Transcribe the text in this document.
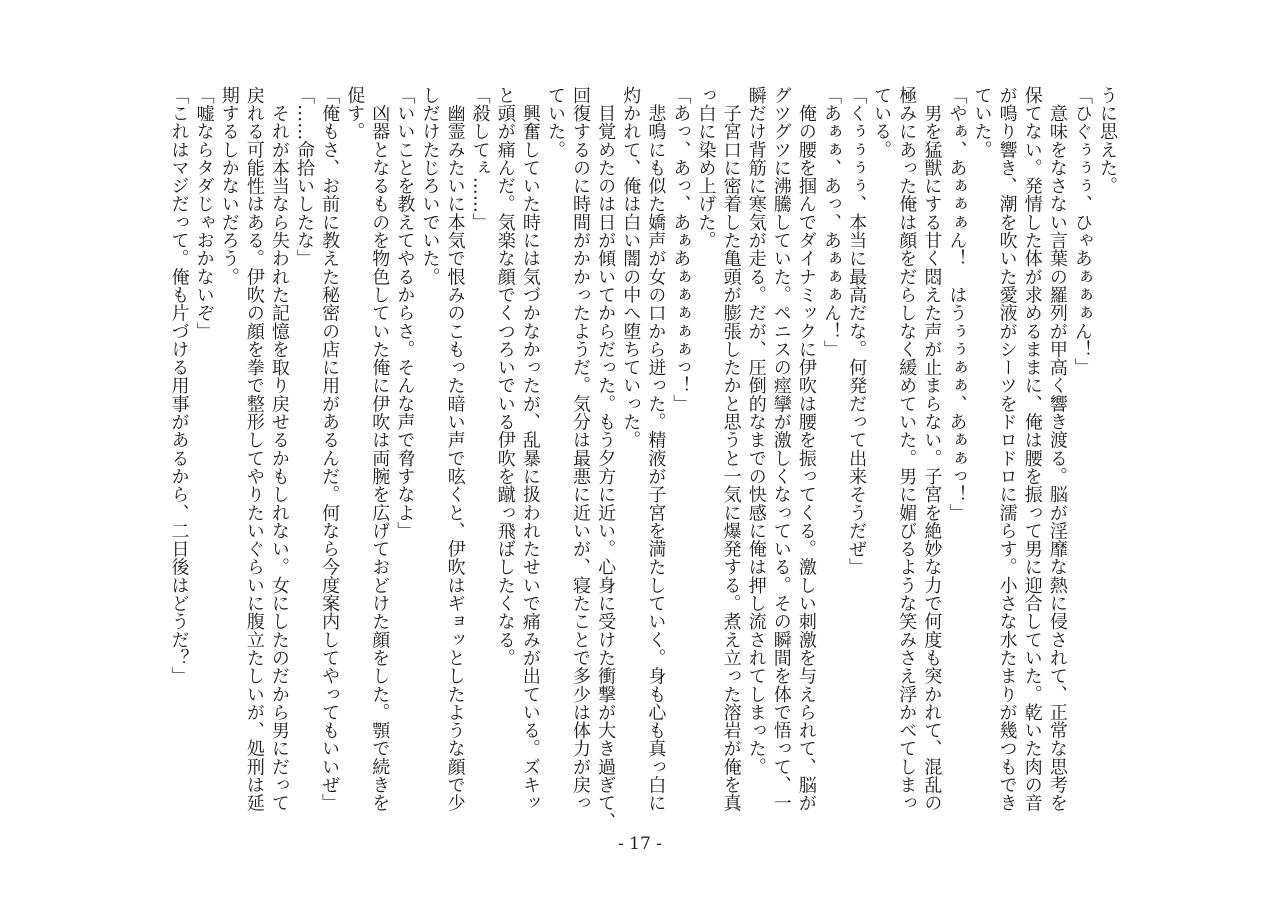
うに思えた。
「ひぐぅぅぅ、ひゃあぁぁぁん！」
　意味をなさない言葉の羅列が甲高く響き渡る。脳が淫靡な熱に侵されて、正常な思考を
保てない。発情した体が求めるままに、俺は腰を振って男に迎合していた。乾いた肉の音
が鳴り響き、潮を吹いた愛液がシーツをドロドロに濡らす。小さな水たまりが幾つもでき
ていた。
「やぁ、あぁぁぁん！　はうぅぅぁぁ、あぁぁっ！」
　男を猛獣にする甘く悶えた声が止まらない。子宮を絶妙な力で何度も突かれて、混乱の
極みにあった俺は顔をだらしなく緩めていた。男に媚びるような笑みさえ浮かべてしまっ
ている。
「くぅぅぅぅ、本当に最高だな。何発だって出来そうだぜ」
「あぁぁ、あっ、あぁぁぁん！」
　俺の腰を掴んでダイナミックに伊吹は腰を振ってくる。激しい刺激を与えられて、脳が
グツグツに沸騰していた。ペニスの痙攣が激しくなっている。その瞬間を体で悟って、一
瞬だけ背筋に寒気が走る。だが、圧倒的なまでの快感に俺は押し流されてしまった。
　子宮口に密着した亀頭が膨張したかと思うと一気に爆発する。煮え立った溶岩が俺を真
っ白に染め上げた。
「あっ、あっ、あぁあぁぁぁぁぁっ！」
　悲鳴にも似た嬌声が女の口から迸った。精液が子宮を満たしていく。身も心も真っ白に
灼かれて、俺は白い闇の中へ堕ちていった。
　目覚めたのは日が傾いてからだった。もう夕方に近い。心身に受けた衝撃が大き過ぎて、
回復するのに時間がかかったようだ。気分は最悪に近いが、寝たことで多少は体力が戻っ
ていた。
　興奮していた時には気づかなかったが、乱暴に扱われたせいで痛みが出ている。ズキッ
と頭が痛んだ。気楽な顔でくつろいでいる伊吹を蹴っ飛ばしたくなる。
「殺してぇ……」
　幽霊みたいに本気で恨みのこもった暗い声で呟くと、伊吹はギョッとしたような顔で少
しだけたじろいでいた。
「いいことを教えてやるからさ。そんな声で脅すなよ」
　凶器となるものを物色していた俺に伊吹は両腕を広げておどけた顔をした。顎で続きを
促す。
「俺もさ、お前に教えた秘密の店に用があるんだ。何なら今度案内してやってもいいぜ」
「……命拾いしたな」
　それが本当なら失われた記憶を取り戻せるかもしれない。女にしたのだから男にだって
戻れる可能性はある。伊吹の顔を拳で整形してやりたいぐらいに腹立たしいが、処刑は延
期するしかないだろう。
「嘘ならタダじゃおかないぞ」
「これはマジだって。俺も片づける用事があるから、二日後はどうだ？」
- 17 -
